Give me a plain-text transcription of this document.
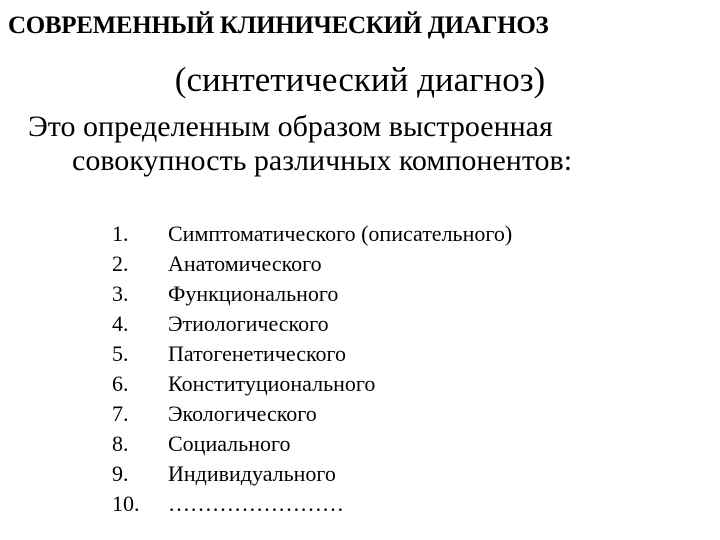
СОВРЕМЕННЫЙ КЛИНИЧЕСКИЙ ДИАГНОЗ
(синтетический диагноз)
Это определенным образом выстроенная
совокупность различных компонентов:
1.	Симптоматического (описательного)
2.	Анатомического
3.	Функционального
4.	Этиологического
5.	Патогенетического
6.	Конституционального
7.	Экологического
8.	Социального
9.	Индивидуального
10.	……………………
